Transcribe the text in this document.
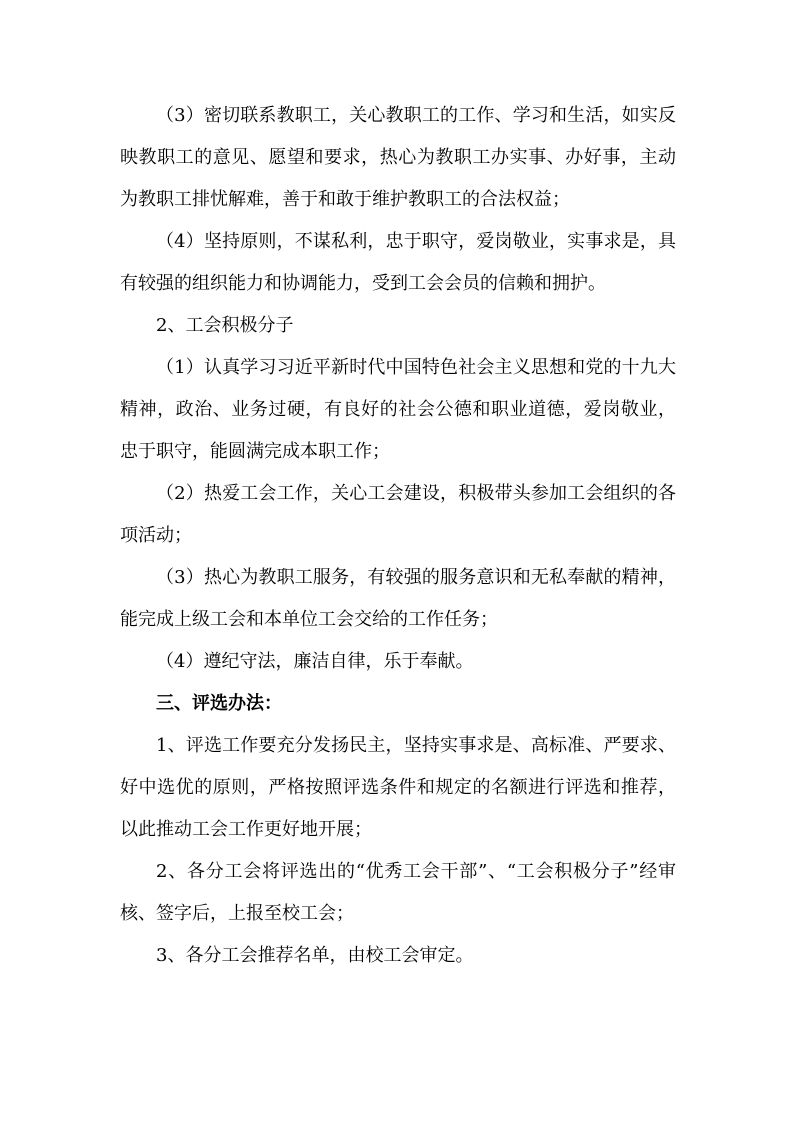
（3）密切联系教职工，关心教职工的工作、学习和生活，如实反映教职工的意见、愿望和要求，热心为教职工办实事、办好事，主动为教职工排忧解难，善于和敢于维护教职工的合法权益；

（4）坚持原则，不谋私利，忠于职守，爱岗敬业，实事求是，具有较强的组织能力和协调能力，受到工会会员的信赖和拥护。

2、工会积极分子

（1）认真学习习近平新时代中国特色社会主义思想和党的十九大精神，政治、业务过硬，有良好的社会公德和职业道德，爱岗敬业，忠于职守，能圆满完成本职工作；

（2）热爱工会工作，关心工会建设，积极带头参加工会组织的各项活动；

（3）热心为教职工服务，有较强的服务意识和无私奉献的精神，能完成上级工会和本单位工会交给的工作任务；

（4）遵纪守法，廉洁自律，乐于奉献。

三、评选办法：

1、评选工作要充分发扬民主，坚持实事求是、高标准、严要求、好中选优的原则，严格按照评选条件和规定的名额进行评选和推荐，以此推动工会工作更好地开展；

2、各分工会将评选出的“优秀工会干部”、“工会积极分子”经审核、签字后，上报至校工会；

3、各分工会推荐名单，由校工会审定。
